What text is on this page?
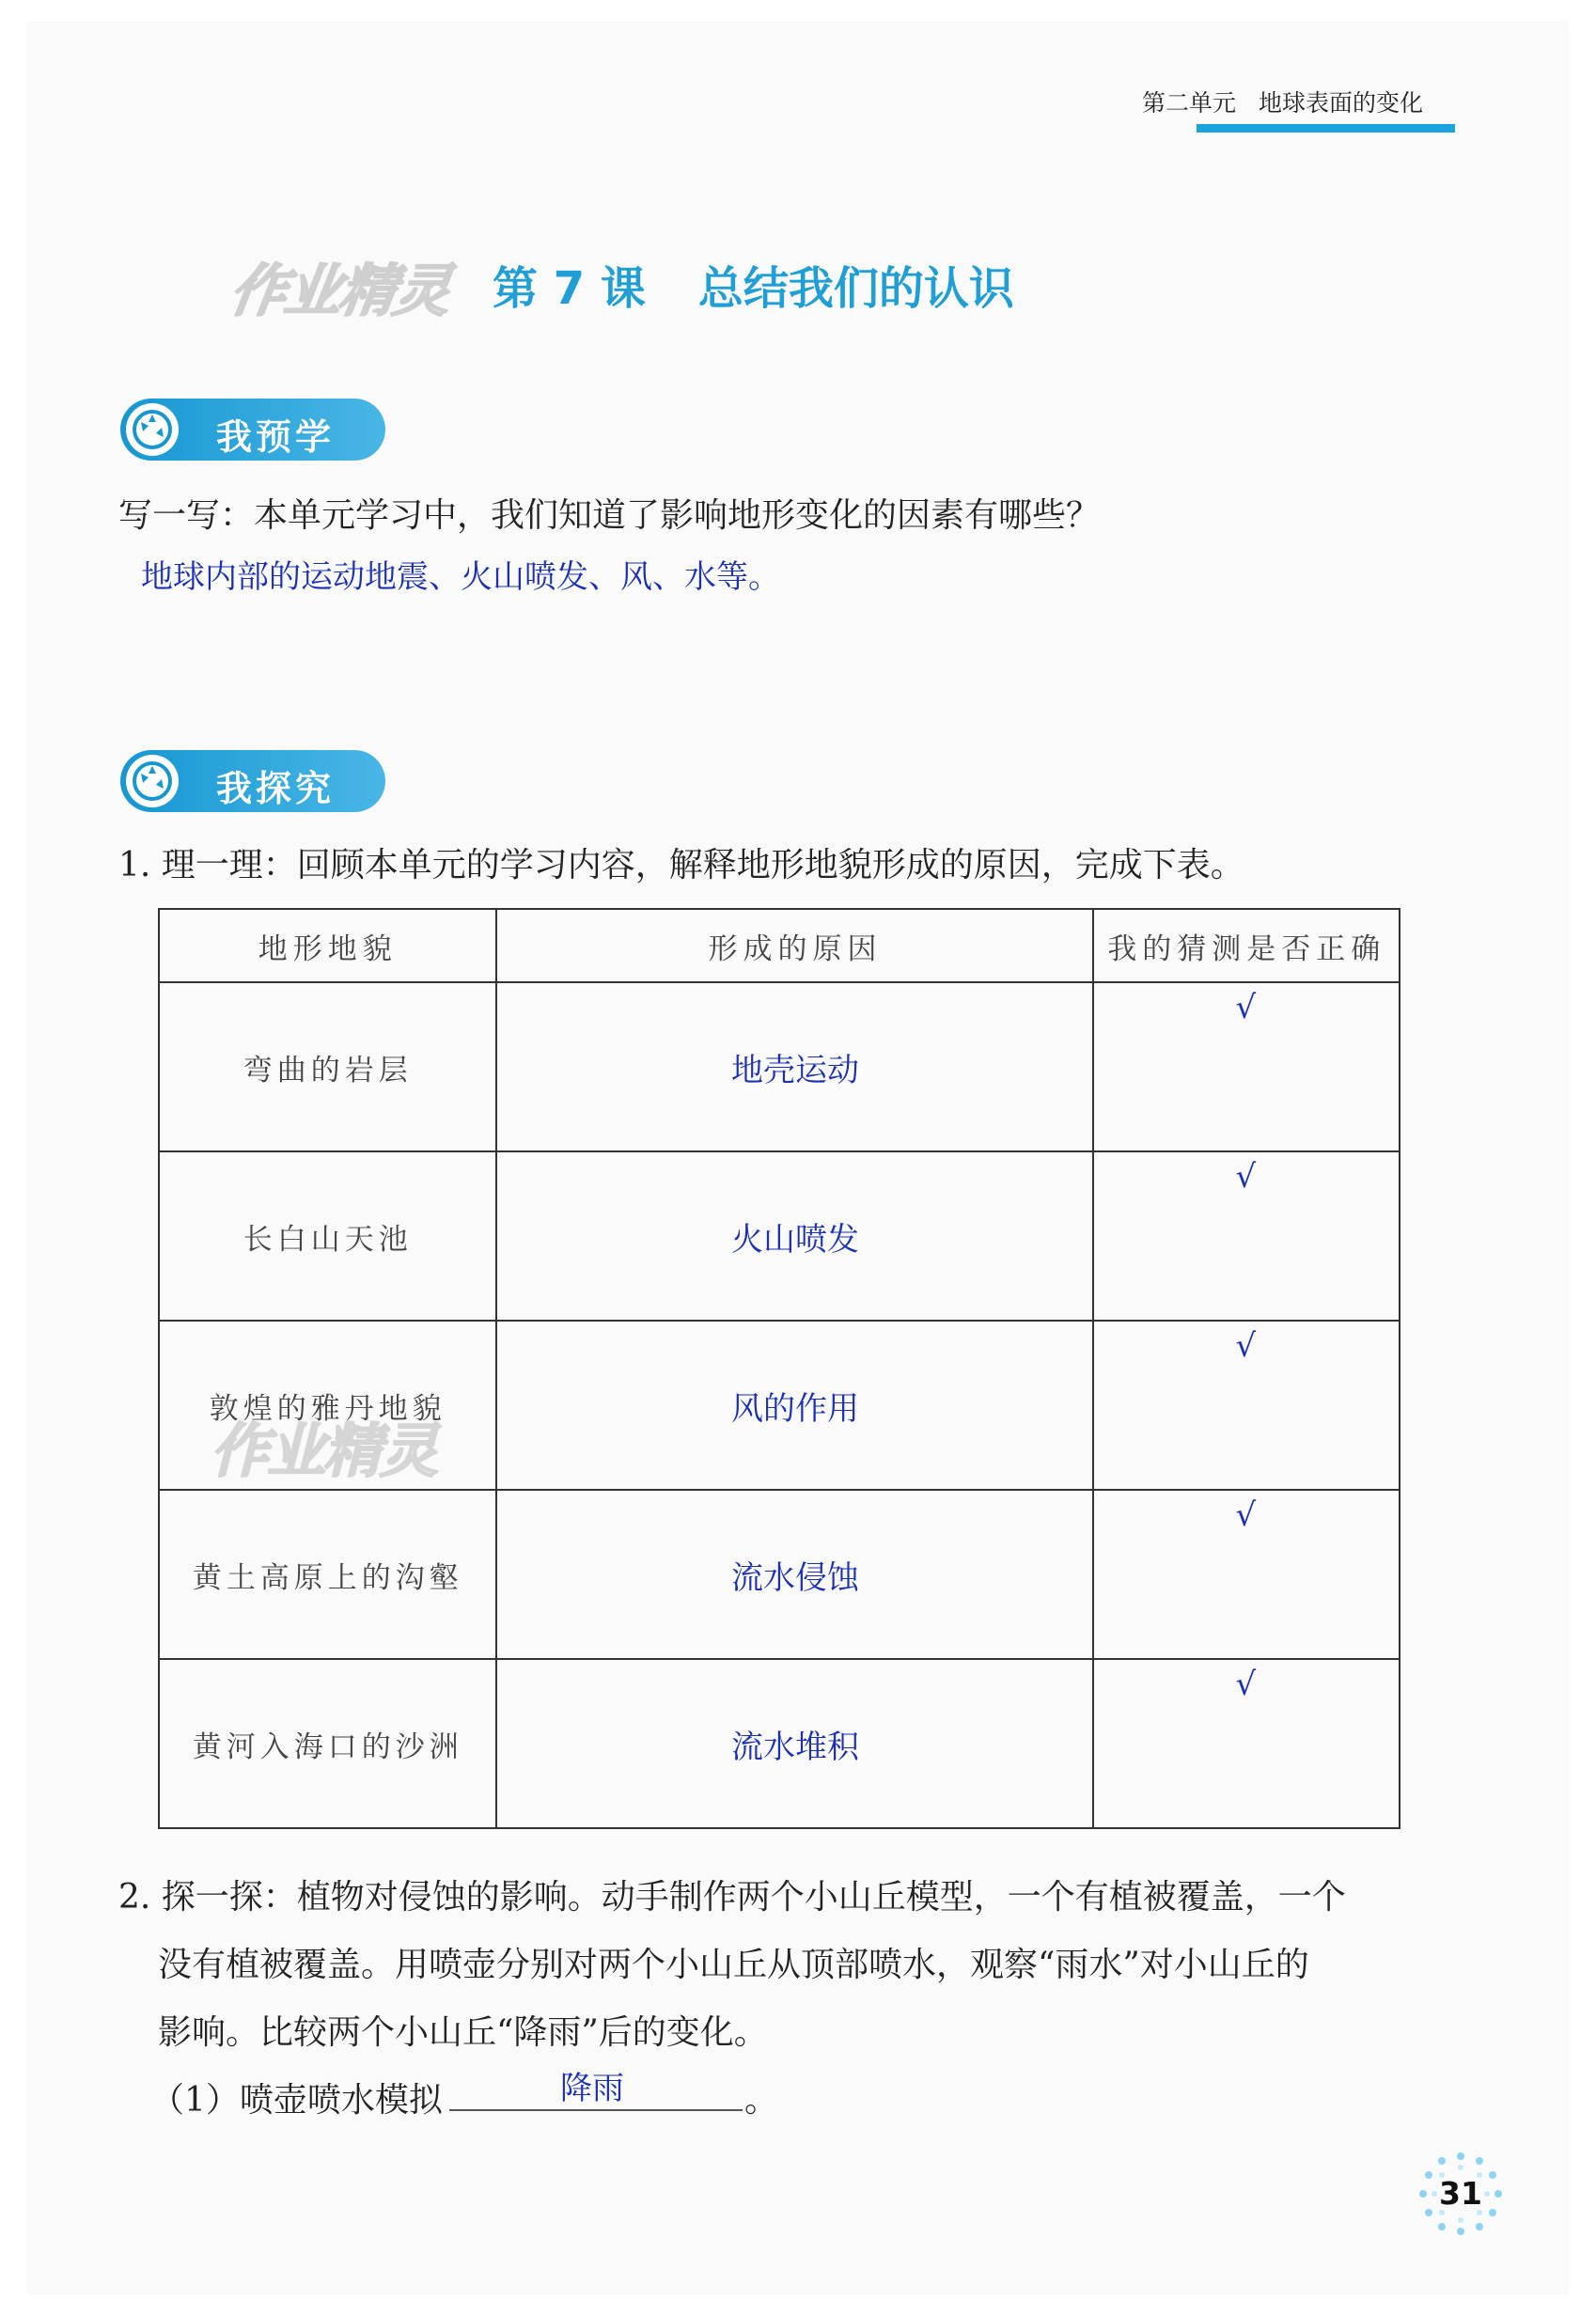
第二单元 地球表面的变化
作业精灵 第 7 课 总结我们的认识
我预学
写一写：本单元学习中，我们知道了影响地形变化的因素有哪些？
地球内部的运动地震、火山喷发、风、水等。
我探究
1. 理一理：回顾本单元的学习内容，解释地形地貌形成的原因，完成下表。
地形地貌	形成的原因	我的猜测是否正确
弯曲的岩层	地壳运动	√

长白山天池	火山喷发	√

敦煌的雅丹地貌	风的作用	√

黄土高原上的沟壑	流水侵蚀	√

黄河入海口的沙洲	流水堆积	√
作业精灵
2. 探一探：植物对侵蚀的影响。动手制作两个小山丘模型，一个有植被覆盖，一个
没有植被覆盖。用喷壶分别对两个小山丘从顶部喷水，观察“雨水”对小山丘的
影响。比较两个小山丘“降雨”后的变化。
（1）喷壶喷水模拟	降雨	。
31
